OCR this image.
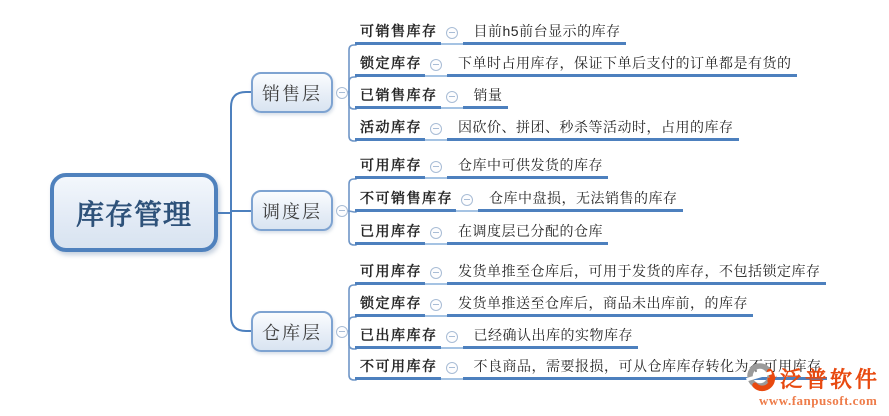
库存管理
销售层
调度层
仓库层
可销售库存	目前h5前台显示的库存
锁定库存	下单时占用库存，保证下单后支付的订单都是有货的
已销售库存	销量
活动库存	因砍价、拼团、秒杀等活动时，占用的库存
可用库存	仓库中可供发货的库存
不可销售库存	仓库中盘损，无法销售的库存
已用库存	在调度层已分配的仓库
可用库存	发货单推至仓库后，可用于发货的库存，不包括锁定库存
锁定库存	发货单推送至仓库后，商品未出库前，的库存
已出库库存	已经确认出库的实物库存
不可用库存	不良商品，需要报损，可从仓库库存转化为不可用库存
泛普软件
www.fanpusoft.com
